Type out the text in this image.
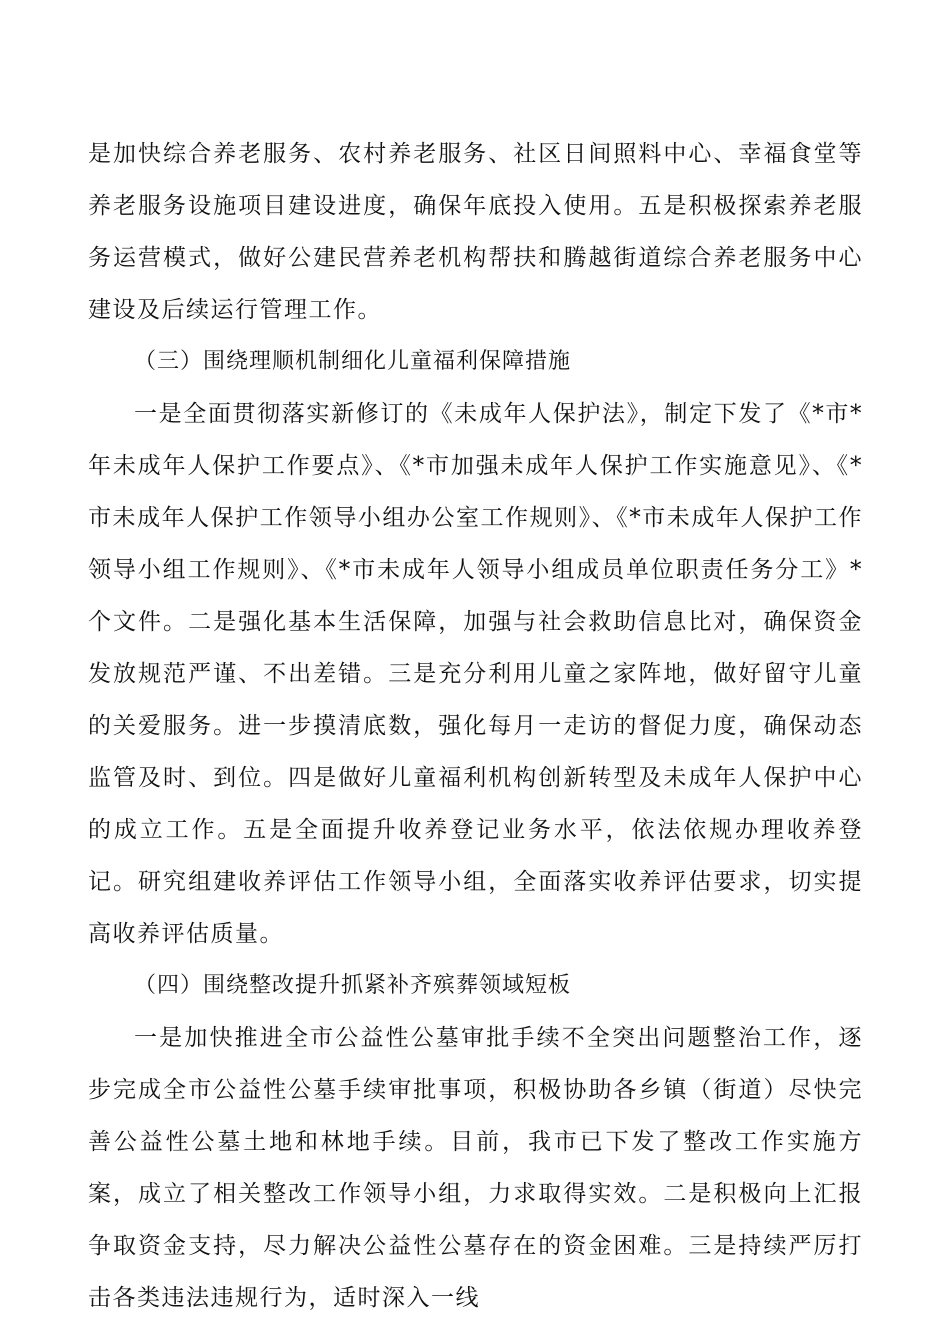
是加快综合养老服务、农村养老服务、社区日间照料中心、幸福食堂等养老服务设施项目建设进度，确保年底投入使用。五是积极探索养老服务运营模式，做好公建民营养老机构帮扶和腾越街道综合养老服务中心建设及后续运行管理工作。

（三）围绕理顺机制细化儿童福利保障措施

一是全面贯彻落实新修订的《未成年人保护法》，制定下发了《*市*年未成年人保护工作要点》、《*市加强未成年人保护工作实施意见》、《*市未成年人保护工作领导小组办公室工作规则》、《*市未成年人保护工作领导小组工作规则》、《*市未成年人领导小组成员单位职责任务分工》*个文件。二是强化基本生活保障，加强与社会救助信息比对，确保资金发放规范严谨、不出差错。三是充分利用儿童之家阵地，做好留守儿童的关爱服务。进一步摸清底数，强化每月一走访的督促力度，确保动态监管及时、到位。四是做好儿童福利机构创新转型及未成年人保护中心的成立工作。五是全面提升收养登记业务水平，依法依规办理收养登记。研究组建收养评估工作领导小组，全面落实收养评估要求，切实提高收养评估质量。

（四）围绕整改提升抓紧补齐殡葬领域短板

一是加快推进全市公益性公墓审批手续不全突出问题整治工作，逐步完成全市公益性公墓手续审批事项，积极协助各乡镇（街道）尽快完善公益性公墓土地和林地手续。目前，我市已下发了整改工作实施方案，成立了相关整改工作领导小组，力求取得实效。二是积极向上汇报争取资金支持，尽力解决公益性公墓存在的资金困难。三是持续严厉打击各类违法违规行为，适时深入一线
